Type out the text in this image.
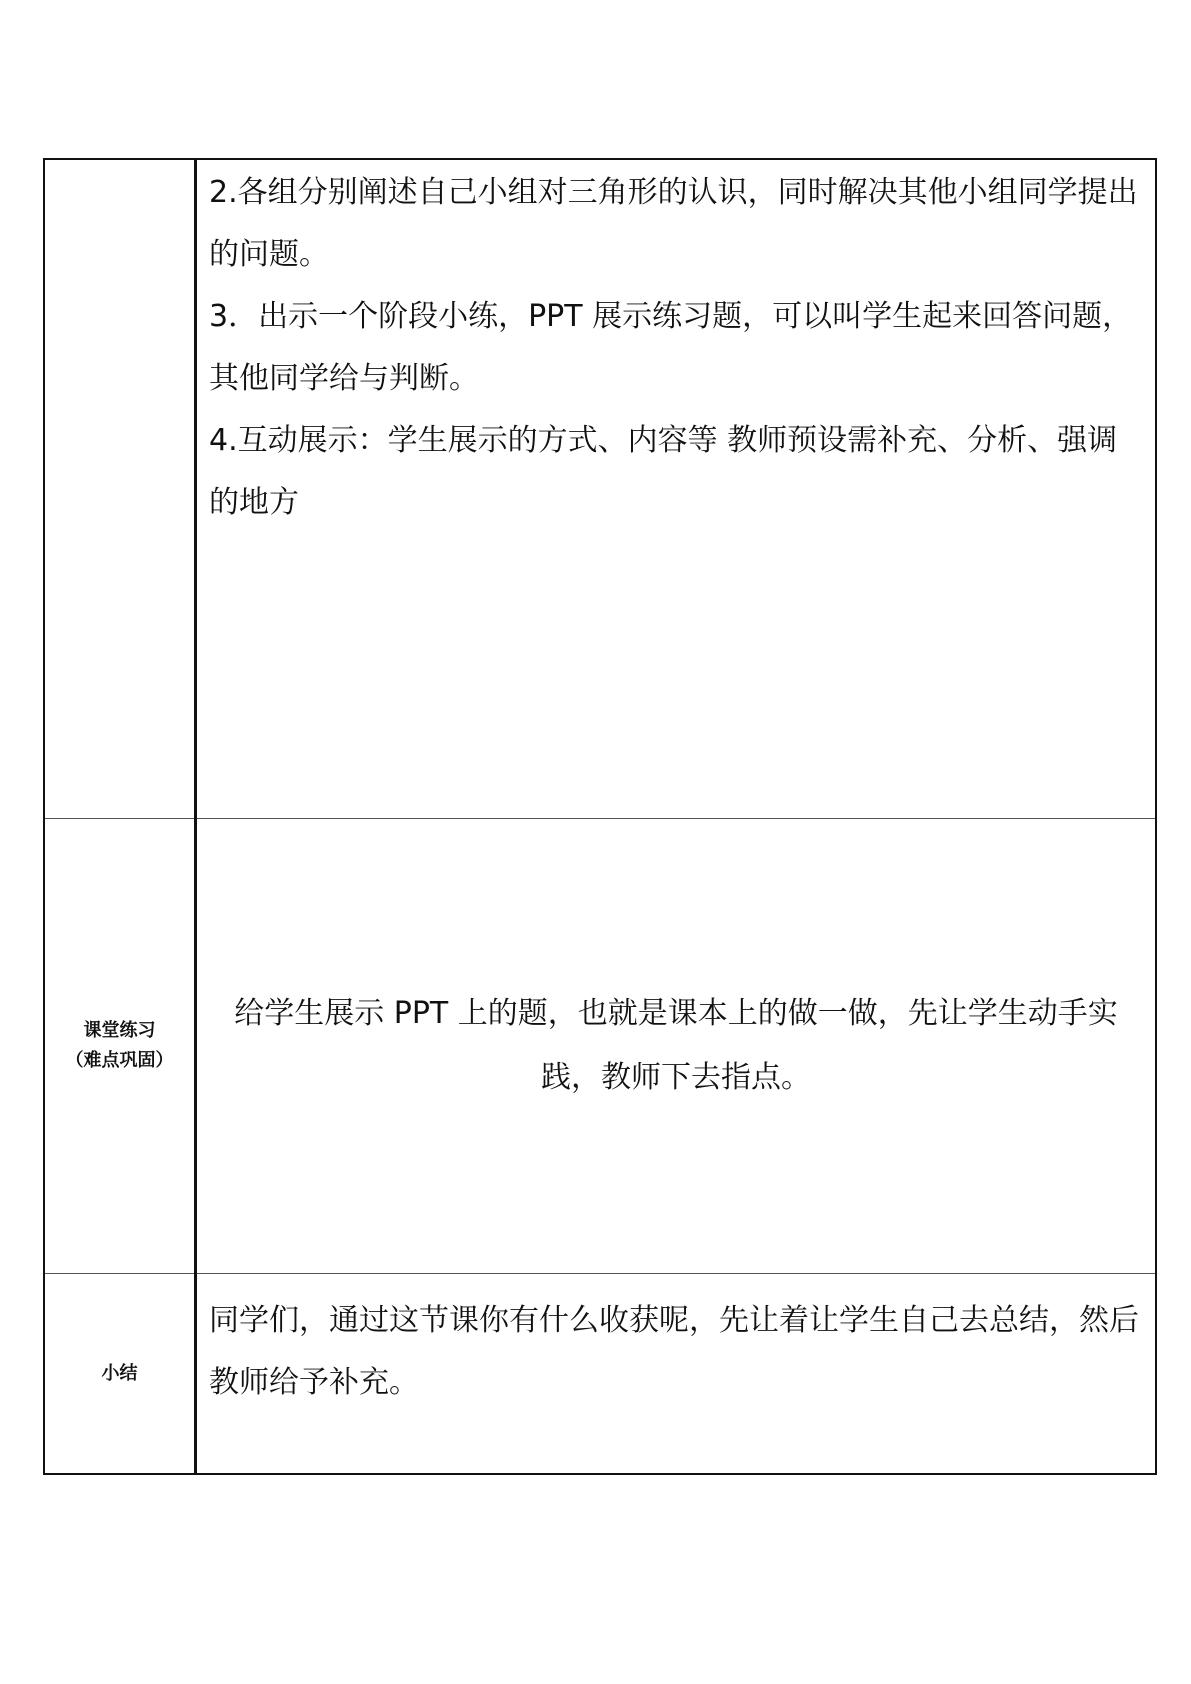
	2.各组分别阐述自己小组对三角形的认识，同时解决其他小组同学提出的问题。

3．出示一个阶段小练，PPT 展示练习题，可以叫学生起来回答问题，其他同学给与判断。

4.互动展示：学生展示的方式、内容等 教师预设需补充、分析、强调的地方

课堂练习
（难点巩固）	给学生展示 PPT 上的题，也就是课本上的做一做，先让学生动手实践，教师下去指点。

小结	同学们，通过这节课你有什么收获呢，先让着让学生自己去总结，然后教师给予补充。
